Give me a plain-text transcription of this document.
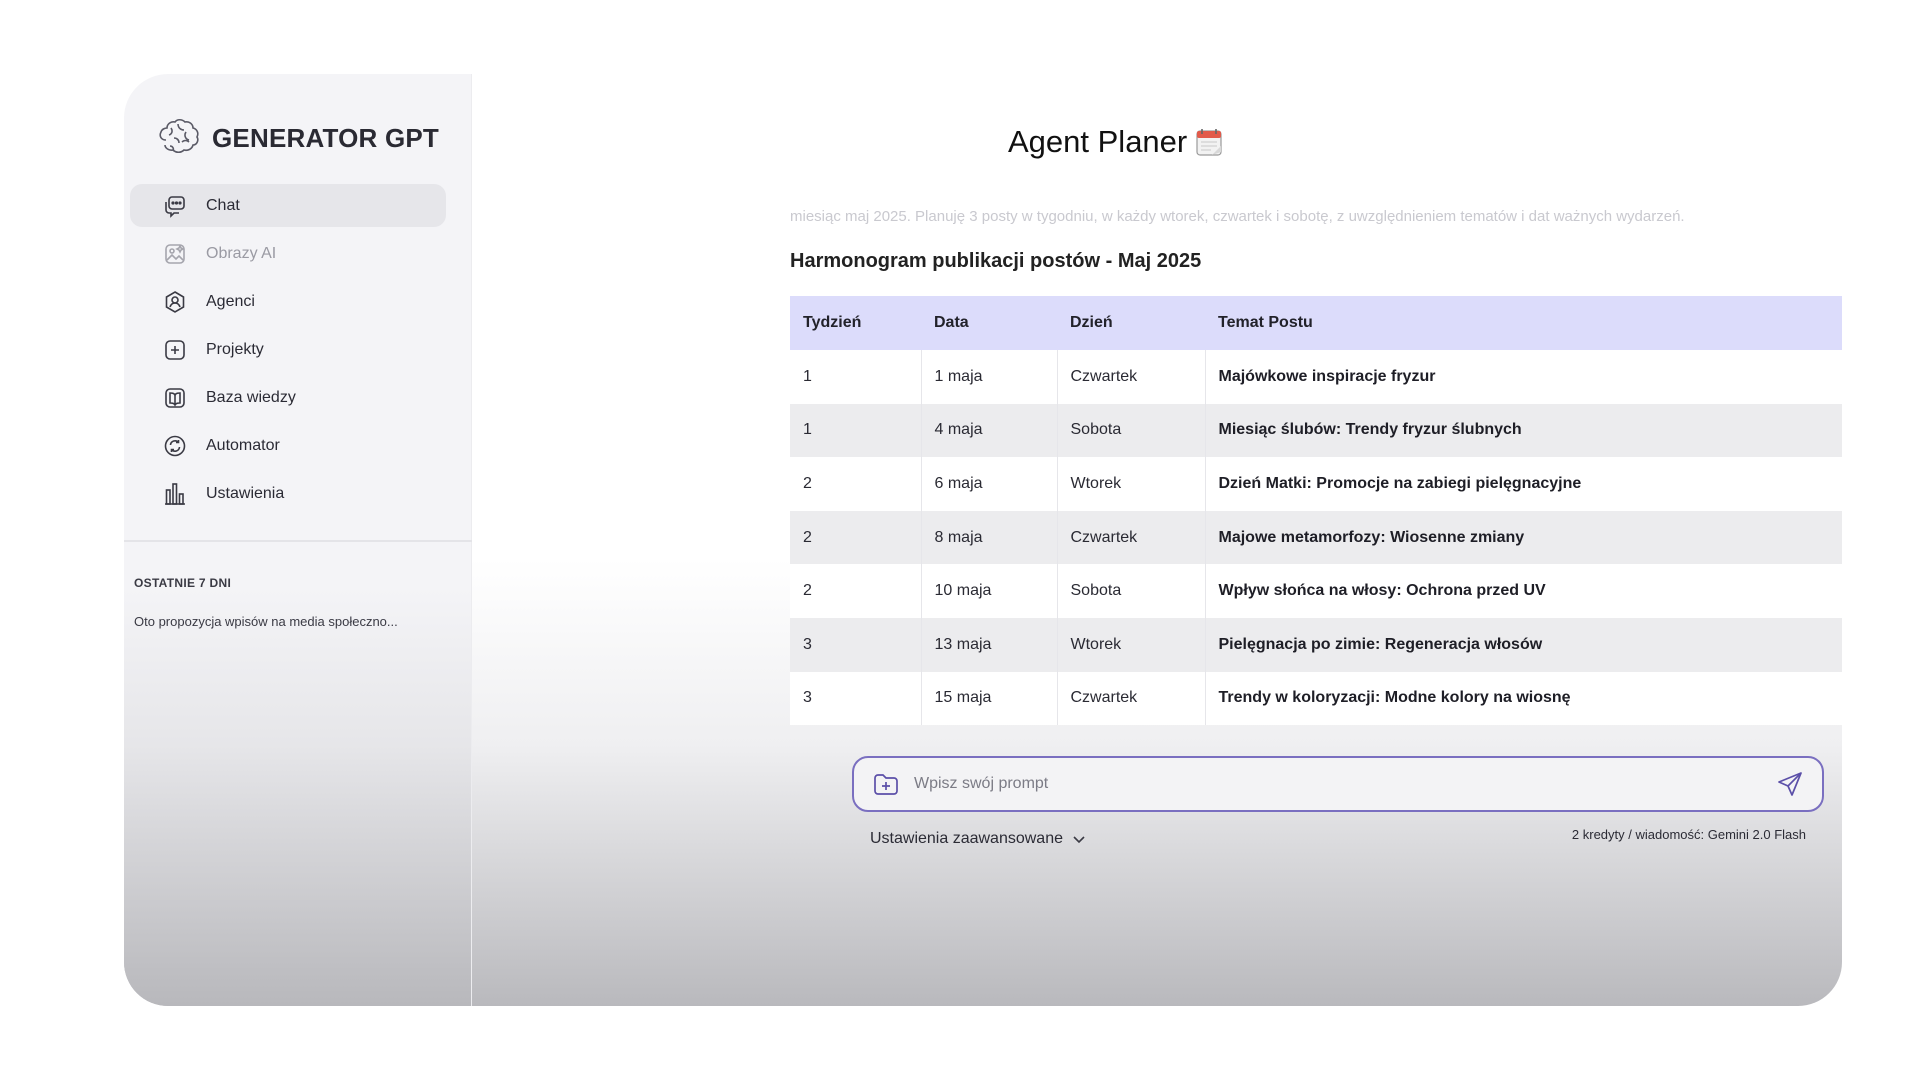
GENERATOR GPT
Chat
Obrazy AI
Agenci
Projekty
Baza wiedzy
Automator
Ustawienia
OSTATNIE 7 DNI
Oto propozycja wpisów na media społeczno...
Agent Planer
miesiąc maj 2025. Planuję 3 posty w tygodniu, w każdy wtorek, czwartek i sobotę, z uwzględnieniem tematów i dat ważnych wydarzeń.
Harmonogram publikacji postów - Maj 2025
Tydzień	Data	Dzień	Temat Postu
1	1 maja	Czwartek	Majówkowe inspiracje fryzur
1	4 maja	Sobota	Miesiąc ślubów: Trendy fryzur ślubnych
2	6 maja	Wtorek	Dzień Matki: Promocje na zabiegi pielęgnacyjne
2	8 maja	Czwartek	Majowe metamorfozy: Wiosenne zmiany
2	10 maja	Sobota	Wpływ słońca na włosy: Ochrona przed UV
3	13 maja	Wtorek	Pielęgnacja po zimie: Regeneracja włosów
3	15 maja	Czwartek	Trendy w koloryzacji: Modne kolory na wiosnę
Wpisz swój prompt
Ustawienia zaawansowane	2 kredyty / wiadomość: Gemini 2.0 Flash
